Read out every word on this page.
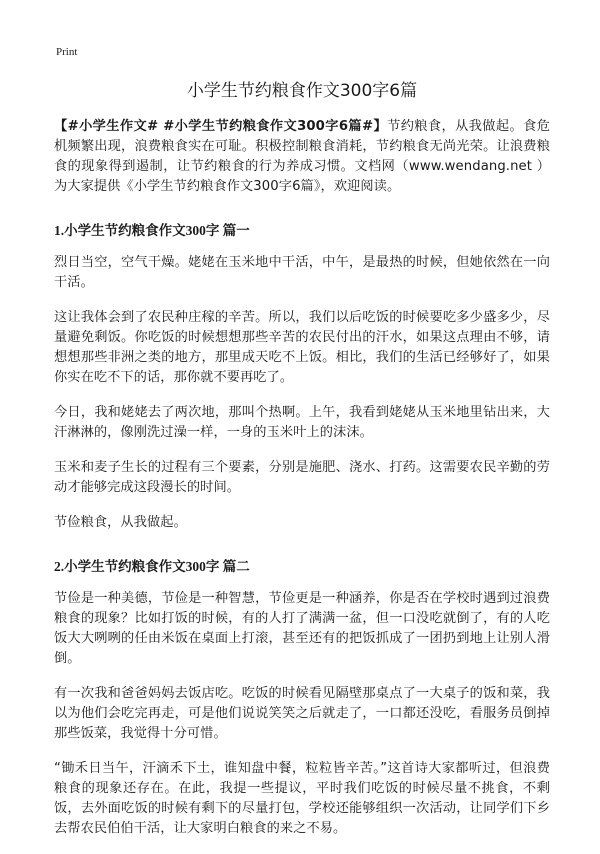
Print
小学生节约粮食作文300字6篇

【#小学生作文# #小学生节约粮食作文300字6篇#】节约粮食，从我做起。食危机频繁出现，浪费粮食实在可耻。积极控制粮食消耗，节约粮食无尚光荣。让浪费粮食的现象得到遏制，让节约粮食的行为养成习惯。文档网（www.wendang.net ）为大家提供《小学生节约粮食作文300字6篇》，欢迎阅读。

1.小学生节约粮食作文300字 篇一

烈日当空，空气干燥。姥姥在玉米地中干活，中午，是最热的时候，但她依然在一向干活。

这让我体会到了农民种庄稼的辛苦。所以，我们以后吃饭的时候要吃多少盛多少，尽量避免剩饭。你吃饭的时候想想那些辛苦的农民付出的汗水，如果这点理由不够，请想想那些非洲之类的地方，那里成天吃不上饭。相比，我们的生活已经够好了，如果你实在吃不下的话，那你就不要再吃了。

今日，我和姥姥去了两次地，那叫个热啊。上午，我看到姥姥从玉米地里钻出来，大汗淋淋的，像刚洗过澡一样，一身的玉米叶上的沫沫。

玉米和麦子生长的过程有三个要素，分别是施肥、浇水、打药。这需要农民辛勤的劳动才能够完成这段漫长的时间。

节俭粮食，从我做起。

2.小学生节约粮食作文300字 篇二

节俭是一种美德，节俭是一种智慧，节俭更是一种涵养，你是否在学校时遇到过浪费粮食的现象？比如打饭的时候，有的人打了满满一盆，但一口没吃就倒了，有的人吃饭大大咧咧的任由米饭在桌面上打滚，甚至还有的把饭抓成了一团扔到地上让别人滑倒。

有一次我和爸爸妈妈去饭店吃。吃饭的时候看见隔壁那桌点了一大桌子的饭和菜，我以为他们会吃完再走，可是他们说说笑笑之后就走了，一口都还没吃，看服务员倒掉那些饭菜，我觉得十分可惜。

“锄禾日当午，汗滴禾下土，谁知盘中餐，粒粒皆辛苦。”这首诗大家都听过，但浪费粮食的现象还存在。在此，我提一些提议，平时我们吃饭的时候尽量不挑食，不剩饭，去外面吃饭的时候有剩下的尽量打包，学校还能够组织一次活动，让同学们下乡去帮农民伯伯干活，让大家明白粮食的来之不易。
